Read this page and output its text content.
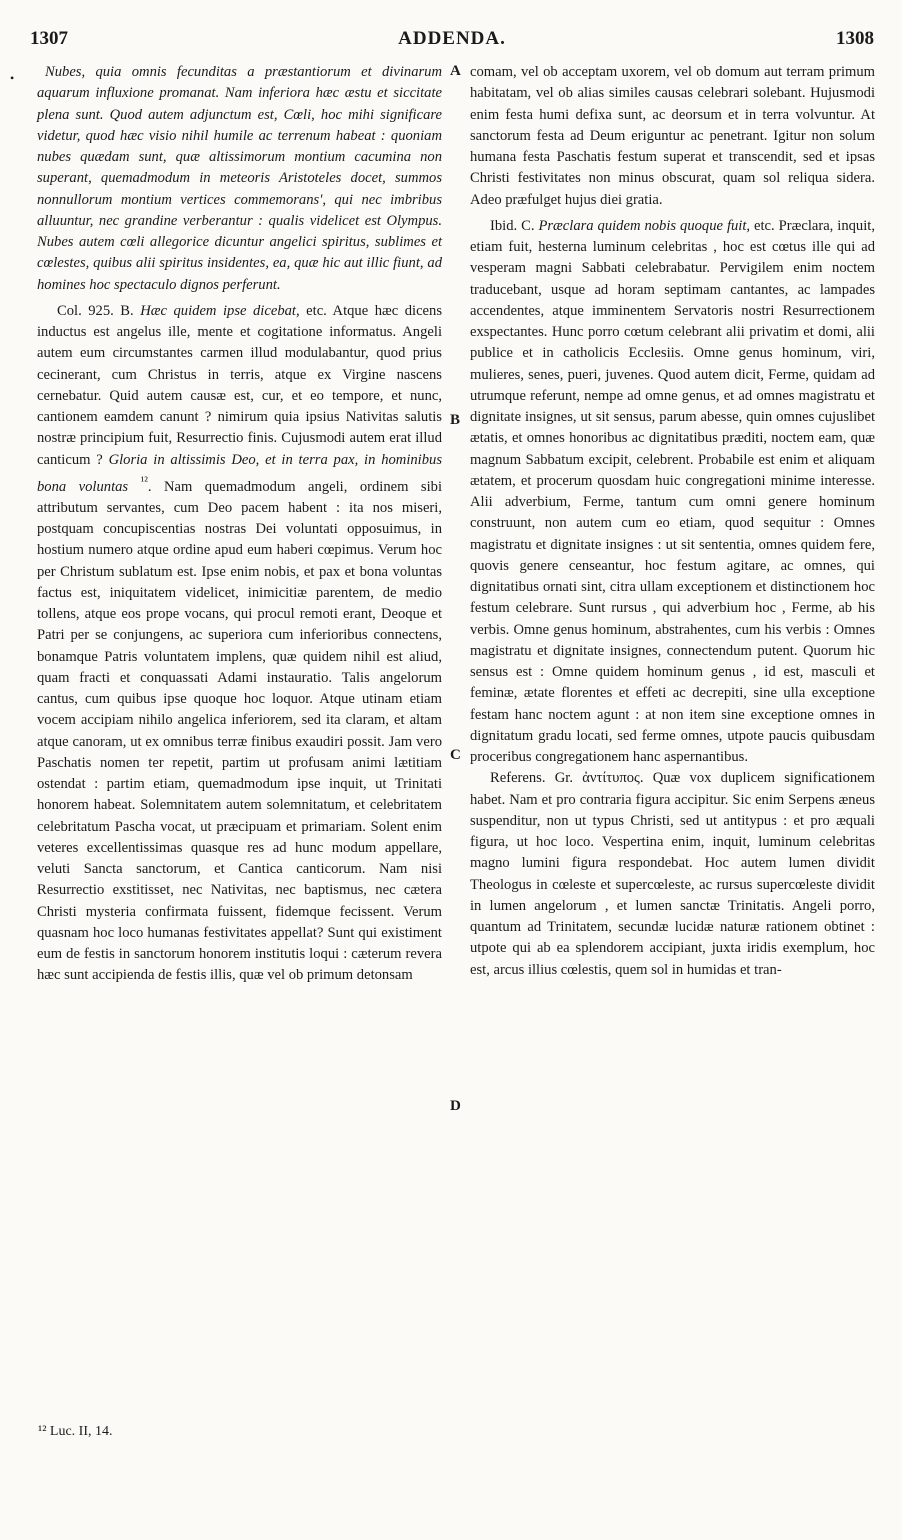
1307	ADDENDA.	1308
•	Nubes, quia omnis fecunditas a præstantiorum et divinarum aquarum influxione promanat. Nam inferiora hæc æstu et siccitate plena sunt. Quod autem adjunctum est, Cœli, hoc mihi significare videtur, quod hæc visio nihil humile ac terrenum habeat : quoniam nubes quædam sunt, quæ altissimorum montium cacumina non superant, quemadmodum in meteoris Aristoteles docet, summos nonnullorum montium vertices commemorans', qui nec imbribus alluuntur, nec grandine verberantur : qualis videlicet est Olympus. Nubes autem cœli allegorice dicuntur angelici spiritus, sublimes et cœlestes, quibus alii spiritus insidentes, ea, quæ hic aut illic fiunt, ad homines hoc spectaculo dignos perferunt.

Col. 925. B. Hæc quidem ipse dicebat, etc. Atque hæc dicens inductus est angelus ille, mente et cogitatione informatus. Angeli autem eum circumstantes carmen illud modulabantur, quod prius cecinerant, cum Christus in terris, atque ex Virgine nascens cernebatur. Quid autem causæ est, cur, et eo tempore, et nunc, cantionem eamdem canunt ? nimirum quia ipsius Nativitas salutis nostræ principium fuit, Resurrectio finis. Cujusmodi autem erat illud canticum ? Gloria in altissimis Deo, et in terra pax, in hominibus bona voluntas $^{^{12}}$. Nam quemadmodum angeli, ordinem sibi attributum servantes, cum Deo pacem habent : ita nos miseri, postquam concupiscentias nostras Dei voluntati opposuimus, in hostium numero atque ordine apud eum haberi cœpimus. Verum hoc per Christum sublatum est. Ipse enim nobis, et pax et bona voluntas factus est, iniquitatem videlicet, inimicitiæ parentem, de medio tollens, atque eos prope vocans, qui procul remoti erant, Deoque et Patri per se conjungens, ac superiora cum inferioribus connectens, bonamque Patris voluntatem implens, quæ quidem nihil est aliud, quam fracti et conquassati Adami instauratio. Talis angelorum cantus, cum quibus ipse quoque hoc loquor. Atque utinam etiam vocem accipiam nihilo angelica inferiorem, sed ita claram, et altam atque canoram, ut ex omnibus terræ finibus exaudiri possit. Jam vero Paschatis nomen ter repetit, partim ut profusam animi lætitiam ostendat : partim etiam, quemadmodum ipse inquit, ut Trinitati honorem habeat. Solemnitatem autem solemnitatum, et celebritatem celebritatum Pascha vocat, ut præcipuam et primariam. Solent enim veteres excellentissimas quasque res ad hunc modum appellare, veluti Sancta sanctorum, et Cantica canticorum. Nam nisi Resurrectio exstitisset, nec Nativitas, nec baptismus, nec cætera Christi mysteria confirmata fuissent, fidemque fecissent. Verum quasnam hoc loco humanas festivitates appellat? Sunt qui existiment eum de festis in sanctorum honorem institutis loqui : cæterum revera hæc sunt accipienda de festis illis, quæ vel ob primum detonsam

A
B
C
D

comam, vel ob acceptam uxorem, vel ob domum aut terram primum habitatam, vel ob alias similes causas celebrari solebant. Hujusmodi enim festa humi defixa sunt, ac deorsum et in terra volvuntur. At sanctorum festa ad Deum eriguntur ac penetrant. Igitur non solum humana festa Paschatis festum superat et transcendit, sed et ipsas Christi festivitates non minus obscurat, quam sol reliqua sidera. Adeo præfulget hujus diei gratia.

Ibid. C. Præclara quidem nobis quoque fuit, etc. Præclara, inquit, etiam fuit, hesterna luminum celebritas , hoc est cœtus ille qui ad vesperam magni Sabbati celebrabatur. Pervigilem enim noctem traducebant, usque ad horam septimam cantantes, ac lampades accendentes, atque imminentem Servatoris nostri Resurrectionem exspectantes. Hunc porro cœtum celebrant alii privatim et domi, alii publice et in catholicis Ecclesiis. Omne genus hominum, viri, mulieres, senes, pueri, juvenes. Quod autem dicit, Ferme, quidam ad utrumque referunt, nempe ad omne genus, et ad omnes magistratu et dignitate insignes, ut sit sensus, parum abesse, quin omnes cujuslibet ætatis, et omnes honoribus ac dignitatibus præditi, noctem eam, quæ magnum Sabbatum excipit, celebrent. Probabile est enim et aliquam ætatem, et procerum quosdam huic congregationi minime interesse. Alii adverbium, Ferme, tantum cum omni genere hominum construunt, non autem cum eo etiam, quod sequitur : Omnes magistratu et dignitate insignes : ut sit sententia, omnes quidem fere, quovis genere censeantur, hoc festum agitare, ac omnes, qui dignitatibus ornati sint, citra ullam exceptionem et distinctionem hoc festum celebrare. Sunt rursus , qui adverbium hoc , Ferme, ab his verbis. Omne genus hominum, abstrahentes, cum his verbis : Omnes magistratu et dignitate insignes, connectendum putent. Quorum hic sensus est : Omne quidem hominum genus , id est, masculi et feminæ, ætate florentes et effeti ac decrepiti, sine ulla exceptione festam hanc noctem agunt : at non item sine exceptione omnes in dignitatum gradu locati, sed ferme omnes, utpote paucis quibusdam proceribus congregationem hanc aspernantibus.

Referens. Gr. ἀντίτυπος. Quæ vox duplicem significationem habet. Nam et pro contraria figura accipitur. Sic enim Serpens æneus suspenditur, non ut typus Christi, sed ut antitypus : et pro æquali figura, ut hoc loco. Vespertina enim, inquit, luminum celebritas magno lumini figura respondebat. Hoc autem lumen dividit Theologus in cœleste et supercœleste, ac rursus supercœleste dividit in lumen angelorum , et lumen sanctæ Trinitatis. Angeli porro, quantum ad Trinitatem, secundæ lucidæ naturæ rationem obtinet : utpote qui ab ea splendorem accipiant, juxta iridis exemplum, hoc est, arcus illius cœlestis, quem sol in humidas et tran-

¹² Luc. II, 14.
